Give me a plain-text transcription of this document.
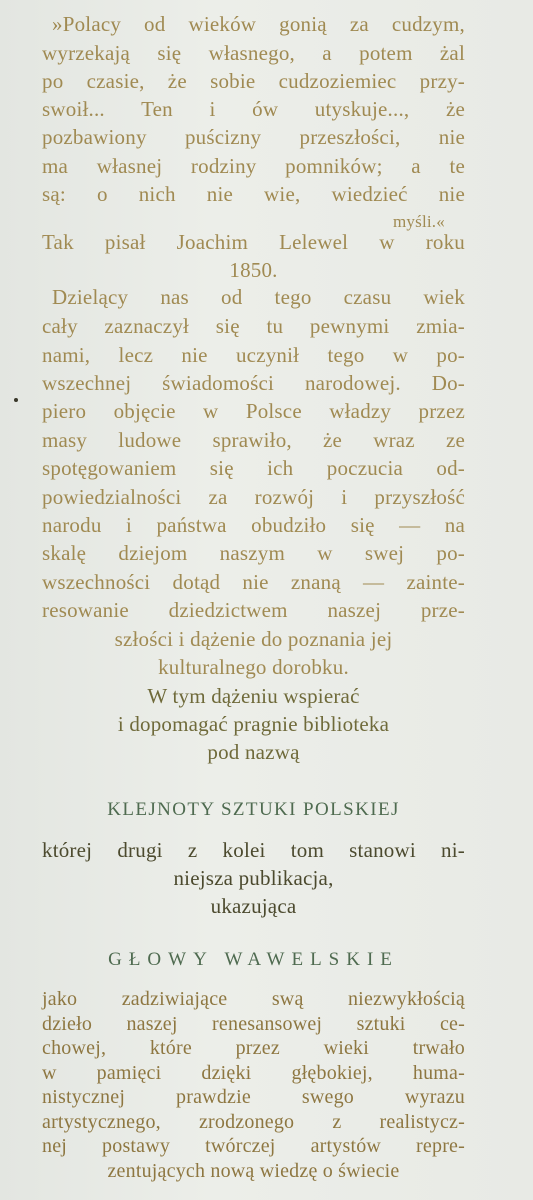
»Polacy od wieków gonią za cudzym,
wyrzekają się własnego, a potem żal
po czasie, że sobie cudzoziemiec przy-
swoił... Ten i ów utyskuje..., że
pozbawiony puścizny przeszłości, nie
ma własnej rodziny pomników; a te
są: o nich nie wie, wiedzieć nie
myśli.«
Tak pisał Joachim Lelewel w roku
1850.
Dzielący nas od tego czasu wiek
cały zaznaczył się tu pewnymi zmia-
nami, lecz nie uczynił tego w po-
wszechnej świadomości narodowej. Do-
piero objęcie w Polsce władzy przez
masy ludowe sprawiło, że wraz ze
spotęgowaniem się ich poczucia od-
powiedzialności za rozwój i przyszłość
narodu i państwa obudziło się — na
skalę dziejom naszym w swej po-
wszechności dotąd nie znaną — zainte-
resowanie dziedzictwem naszej prze-
szłości i dążenie do poznania jej
kulturalnego dorobku.
W tym dążeniu wspierać
i dopomagać pragnie biblioteka
pod nazwą
KLEJNOTY SZTUKI POLSKIEJ
której drugi z kolei tom stanowi ni-
niejsza publikacja,
ukazująca
GŁOWY WAWELSKIE
jako zadziwiające swą niezwykłością
dzieło naszej renesansowej sztuki ce-
chowej, które przez wieki trwało
w pamięci dzięki głębokiej, huma-
nistycznej prawdzie swego wyrazu
artystycznego, zrodzonego z realistycz-
nej postawy twórczej artystów repre-
zentujących nową wiedzę o świecie
